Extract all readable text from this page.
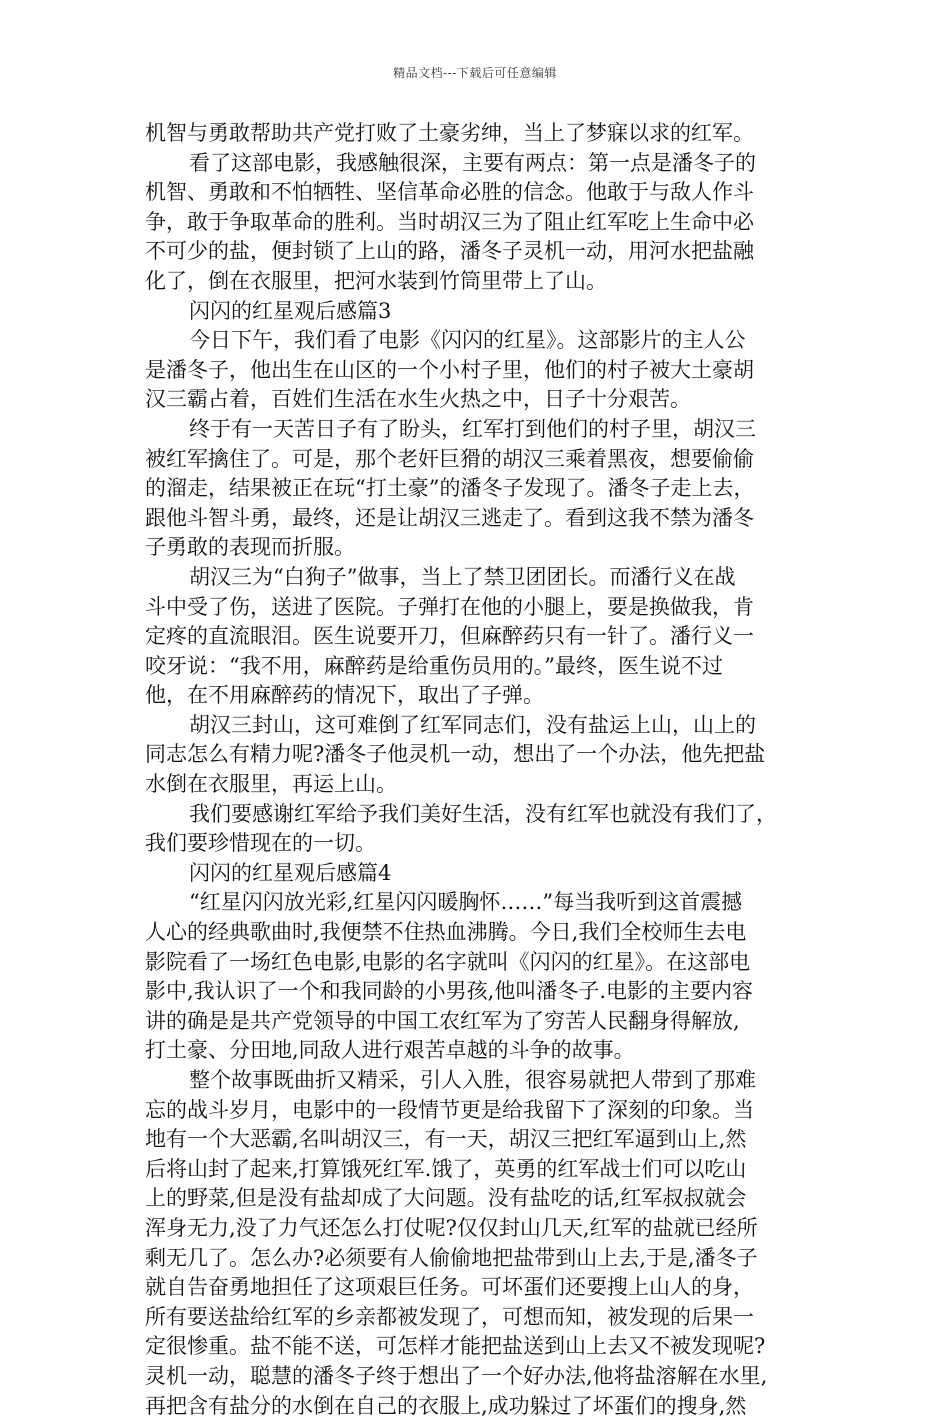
精品文档---下载后可任意编辑
机智与勇敢帮助共产党打败了土豪劣绅，当上了梦寐以求的红军。
看了这部电影，我感触很深，主要有两点：第一点是潘冬子的
机智、勇敢和不怕牺牲、坚信革命必胜的信念。他敢于与敌人作斗
争，敢于争取革命的胜利。当时胡汉三为了阻止红军吃上生命中必
不可少的盐，便封锁了上山的路，潘冬子灵机一动，用河水把盐融
化了，倒在衣服里，把河水装到竹筒里带上了山。
闪闪的红星观后感篇3
今日下午，我们看了电影《闪闪的红星》。这部影片的主人公
是潘冬子，他出生在山区的一个小村子里，他们的村子被大土豪胡
汉三霸占着，百姓们生活在水生火热之中，日子十分艰苦。
终于有一天苦日子有了盼头，红军打到他们的村子里，胡汉三
被红军擒住了。可是，那个老奸巨猾的胡汉三乘着黑夜，想要偷偷
的溜走，结果被正在玩“打土豪”的潘冬子发现了。潘冬子走上去，
跟他斗智斗勇，最终，还是让胡汉三逃走了。看到这我不禁为潘冬
子勇敢的表现而折服。
胡汉三为“白狗子”做事，当上了禁卫团团长。而潘行义在战
斗中受了伤，送进了医院。子弹打在他的小腿上，要是换做我，肯
定疼的直流眼泪。医生说要开刀，但麻醉药只有一针了。潘行义一
咬牙说：“我不用，麻醉药是给重伤员用的。”最终，医生说不过
他，在不用麻醉药的情况下，取出了子弹。
胡汉三封山，这可难倒了红军同志们，没有盐运上山，山上的
同志怎么有精力呢?潘冬子他灵机一动，想出了一个办法，他先把盐
水倒在衣服里，再运上山。
我们要感谢红军给予我们美好生活，没有红军也就没有我们了，
我们要珍惜现在的一切。
闪闪的红星观后感篇4
“红星闪闪放光彩,红星闪闪暖胸怀……”每当我听到这首震撼
人心的经典歌曲时,我便禁不住热血沸腾。今日,我们全校师生去电
影院看了一场红色电影,电影的名字就叫《闪闪的红星》。在这部电
影中,我认识了一个和我同龄的小男孩,他叫潘冬子.电影的主要内容
讲的确是是共产党领导的中国工农红军为了穷苦人民翻身得解放,
打土豪、分田地,同敌人进行艰苦卓越的斗争的故事。
整个故事既曲折又精采，引人入胜，很容易就把人带到了那难
忘的战斗岁月，电影中的一段情节更是给我留下了深刻的印象。当
地有一个大恶霸,名叫胡汉三，有一天，胡汉三把红军逼到山上,然
后将山封了起来,打算饿死红军.饿了，英勇的红军战士们可以吃山
上的野菜,但是没有盐却成了大问题。没有盐吃的话,红军叔叔就会
浑身无力,没了力气还怎么打仗呢?仅仅封山几天,红军的盐就已经所
剩无几了。怎么办?必须要有人偷偷地把盐带到山上去,于是,潘冬子
就自告奋勇地担任了这项艰巨任务。可坏蛋们还要搜上山人的身，
所有要送盐给红军的乡亲都被发现了，可想而知，被发现的后果一
定很惨重。盐不能不送，可怎样才能把盐送到山上去又不被发现呢?
灵机一动，聪慧的潘冬子终于想出了一个好办法,他将盐溶解在水里,
再把含有盐分的水倒在自己的衣服上,成功躲过了坏蛋们的搜身,然
